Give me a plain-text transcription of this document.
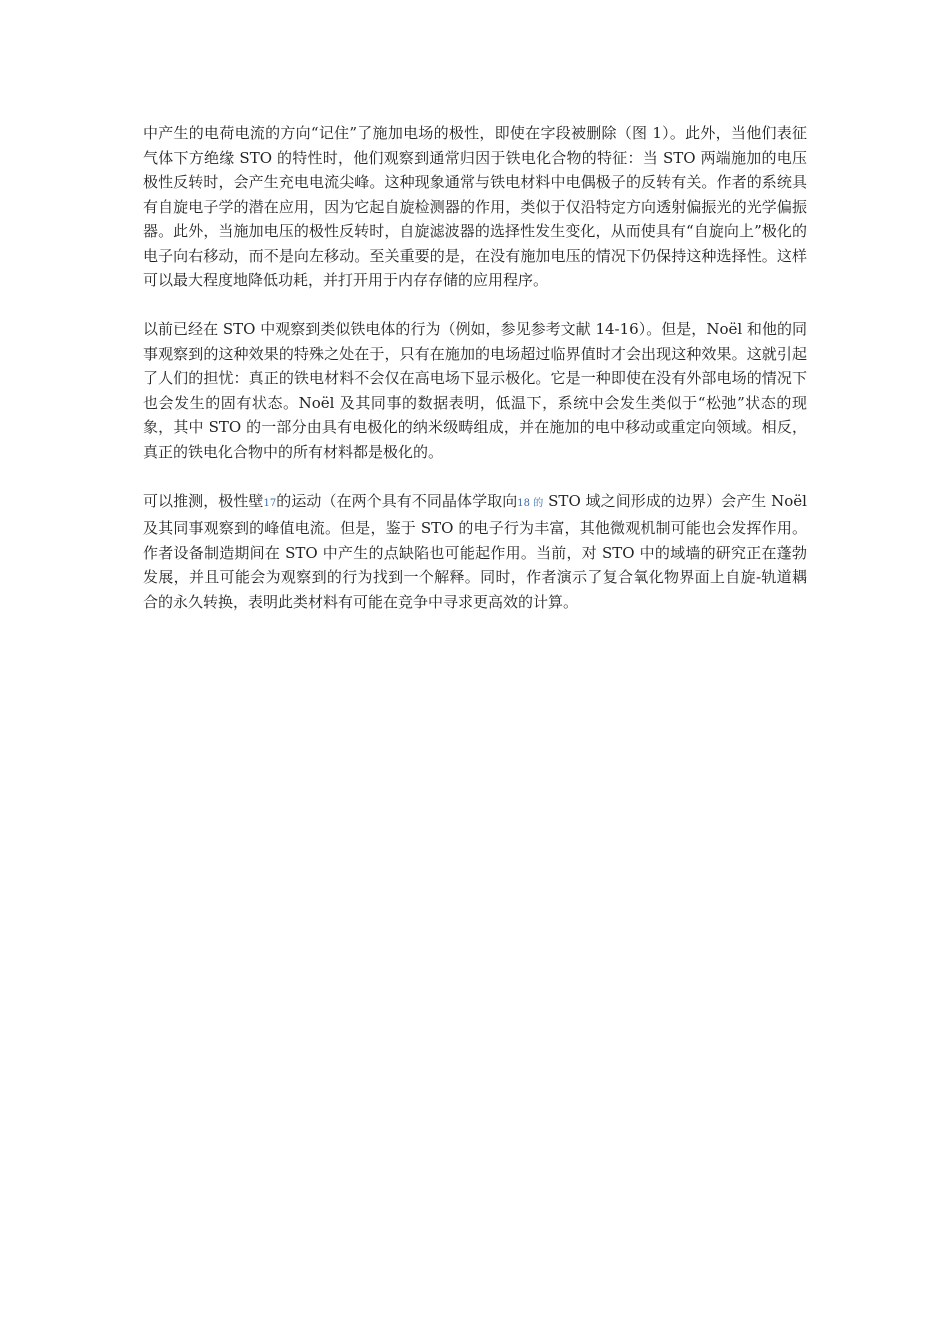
中产生的电荷电流的方向“记住”了施加电场的极性，即使在字段被删除（图 1）。此外，当他们表征气体下方绝缘 STO 的特性时，他们观察到通常归因于铁电化合物的特征：当 STO 两端施加的电压极性反转时，会产生充电电流尖峰。这种现象通常与铁电材料中电偶极子的反转有关。作者的系统具有自旋电子学的潜在应用，因为它起自旋检测器的作用，类似于仅沿特定方向透射偏振光的光学偏振器。此外，当施加电压的极性反转时，自旋滤波器的选择性发生变化，从而使具有“自旋向上”极化的电子向右移动，而不是向左移动。至关重要的是，在没有施加电压的情况下仍保持这种选择性。这样可以最大程度地降低功耗，并打开用于内存存储的应用程序。

以前已经在 STO 中观察到类似铁电体的行为（例如，参见参考文献 14-16）。但是，Noël 和他的同事观察到的这种效果的特殊之处在于，只有在施加的电场超过临界值时才会出现这种效果。这就引起了人们的担忧：真正的铁电材料不会仅在高电场下显示极化。它是一种即使在没有外部电场的情况下也会发生的固有状态。Noël 及其同事的数据表明，低温下，系统中会发生类似于“松弛”状态的现象，其中 STO 的一部分由具有电极化的纳米级畴组成，并在施加的电中移动或重定向领域。相反，真正的铁电化合物中的所有材料都是极化的。

可以推测，极性壁17的运动（在两个具有不同晶体学取向18 的 STO 域之间形成的边界）会产生 Noël 及其同事观察到的峰值电流。但是，鉴于 STO 的电子行为丰富，其他微观机制可能也会发挥作用。作者设备制造期间在 STO 中产生的点缺陷也可能起作用。当前，对 STO 中的域墙的研究正在蓬勃发展，并且可能会为观察到的行为找到一个解释。同时，作者演示了复合氧化物界面上自旋-轨道耦合的永久转换，表明此类材料有可能在竞争中寻求更高效的计算。
